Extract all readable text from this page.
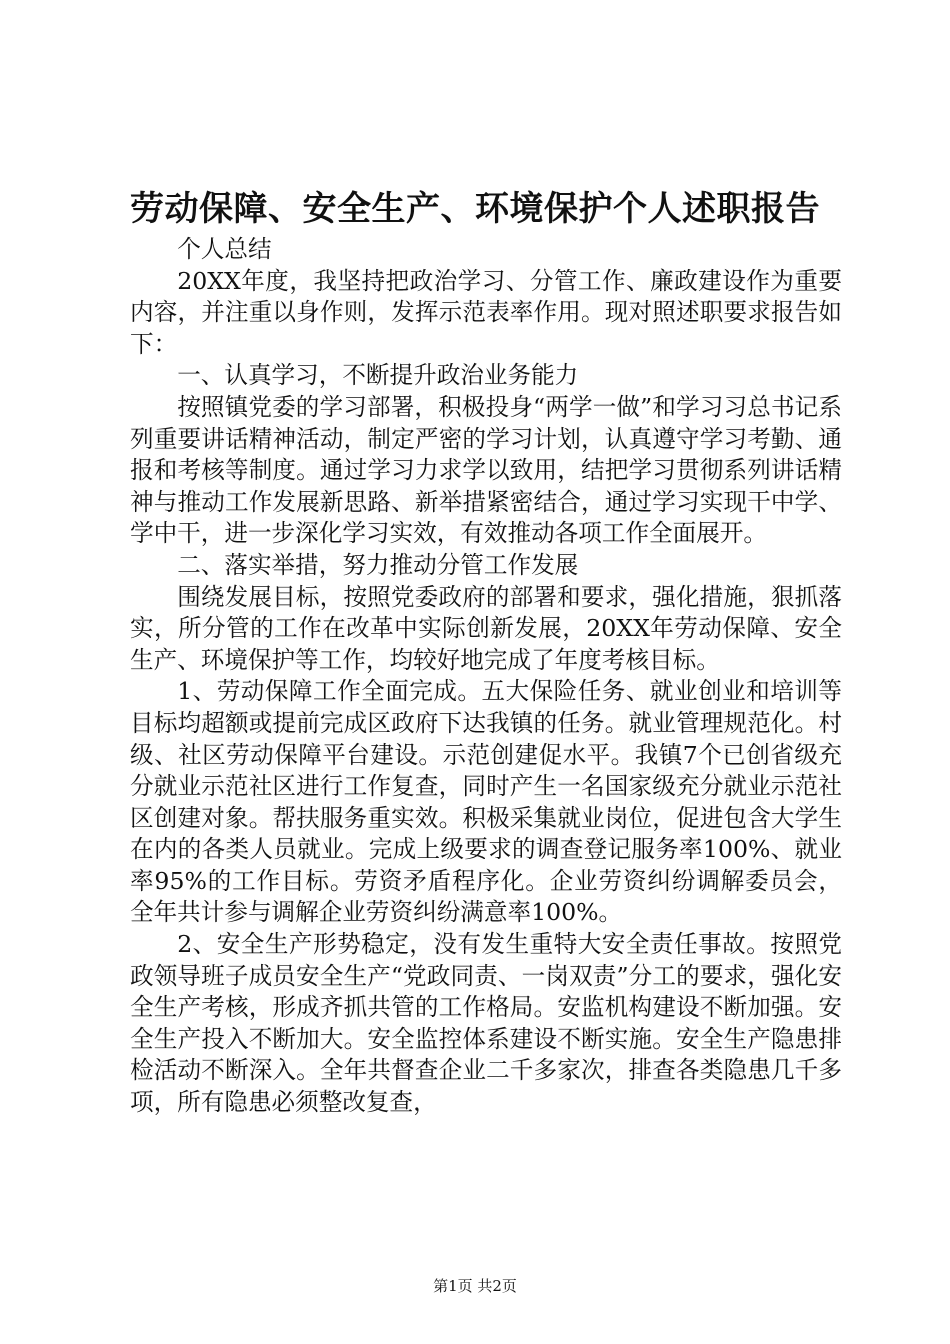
劳动保障、安全生产、环境保护个人述职报告

个人总结

20XX年度，我坚持把政治学习、分管工作、廉政建设作为重要内容，并注重以身作则，发挥示范表率作用。现对照述职要求报告如下：

一、认真学习，不断提升政治业务能力

按照镇党委的学习部署，积极投身“两学一做”和学习习总书记系列重要讲话精神活动，制定严密的学习计划，认真遵守学习考勤、通报和考核等制度。通过学习力求学以致用，结把学习贯彻系列讲话精神与推动工作发展新思路、新举措紧密结合，通过学习实现干中学、学中干，进一步深化学习实效，有效推动各项工作全面展开。

二、落实举措，努力推动分管工作发展

围绕发展目标，按照党委政府的部署和要求，强化措施，狠抓落实，所分管的工作在改革中实际创新发展，20XX年劳动保障、安全生产、环境保护等工作，均较好地完成了年度考核目标。

1、劳动保障工作全面完成。五大保险任务、就业创业和培训等目标均超额或提前完成区政府下达我镇的任务。就业管理规范化。村级、社区劳动保障平台建设。示范创建促水平。我镇7个已创省级充分就业示范社区进行工作复查，同时产生一名国家级充分就业示范社区创建对象。帮扶服务重实效。积极采集就业岗位，促进包含大学生在内的各类人员就业。完成上级要求的调查登记服务率100%、就业率95%的工作目标。劳资矛盾程序化。企业劳资纠纷调解委员会，全年共计参与调解企业劳资纠纷满意率100%。

2、安全生产形势稳定，没有发生重特大安全责任事故。按照党政领导班子成员安全生产“党政同责、一岗双责”分工的要求，强化安全生产考核，形成齐抓共管的工作格局。安监机构建设不断加强。安全生产投入不断加大。安全监控体系建设不断实施。安全生产隐患排检活动不断深入。全年共督查企业二千多家次，排查各类隐患几千多项，所有隐患必须整改复查，

第1页 共2页
